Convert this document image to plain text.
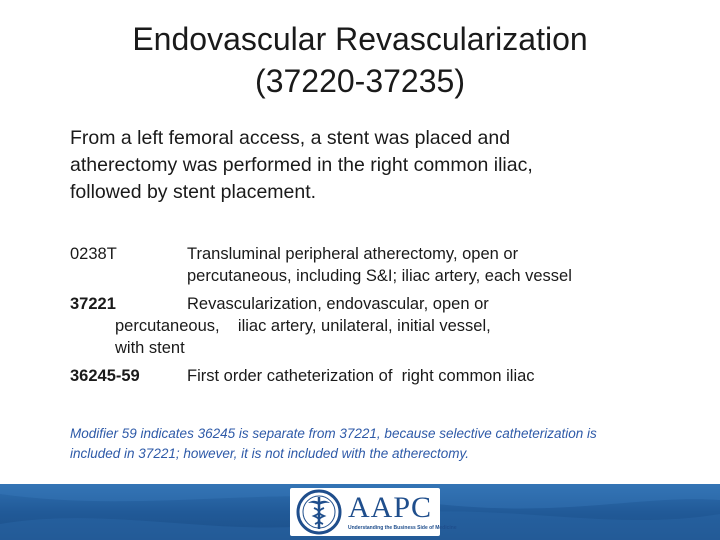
Endovascular Revascularization
(37220-37235)
From a left femoral access, a stent was placed and
atherectomy was performed in the right common iliac,
followed by stent placement.
0238T	Transluminal peripheral atherectomy, open or
percutaneous, including S&I; iliac artery, each vessel
37221	Revascularization, endovascular, open or
percutaneous,    iliac artery, unilateral, initial vessel,
with stent
36245-59	First order catheterization of  right common iliac
Modifier 59 indicates 36245 is separate from 37221, because selective catheterization is
included in 37221; however, it is not included with the atherectomy.
AAPC
Understanding the Business Side of Medicine
